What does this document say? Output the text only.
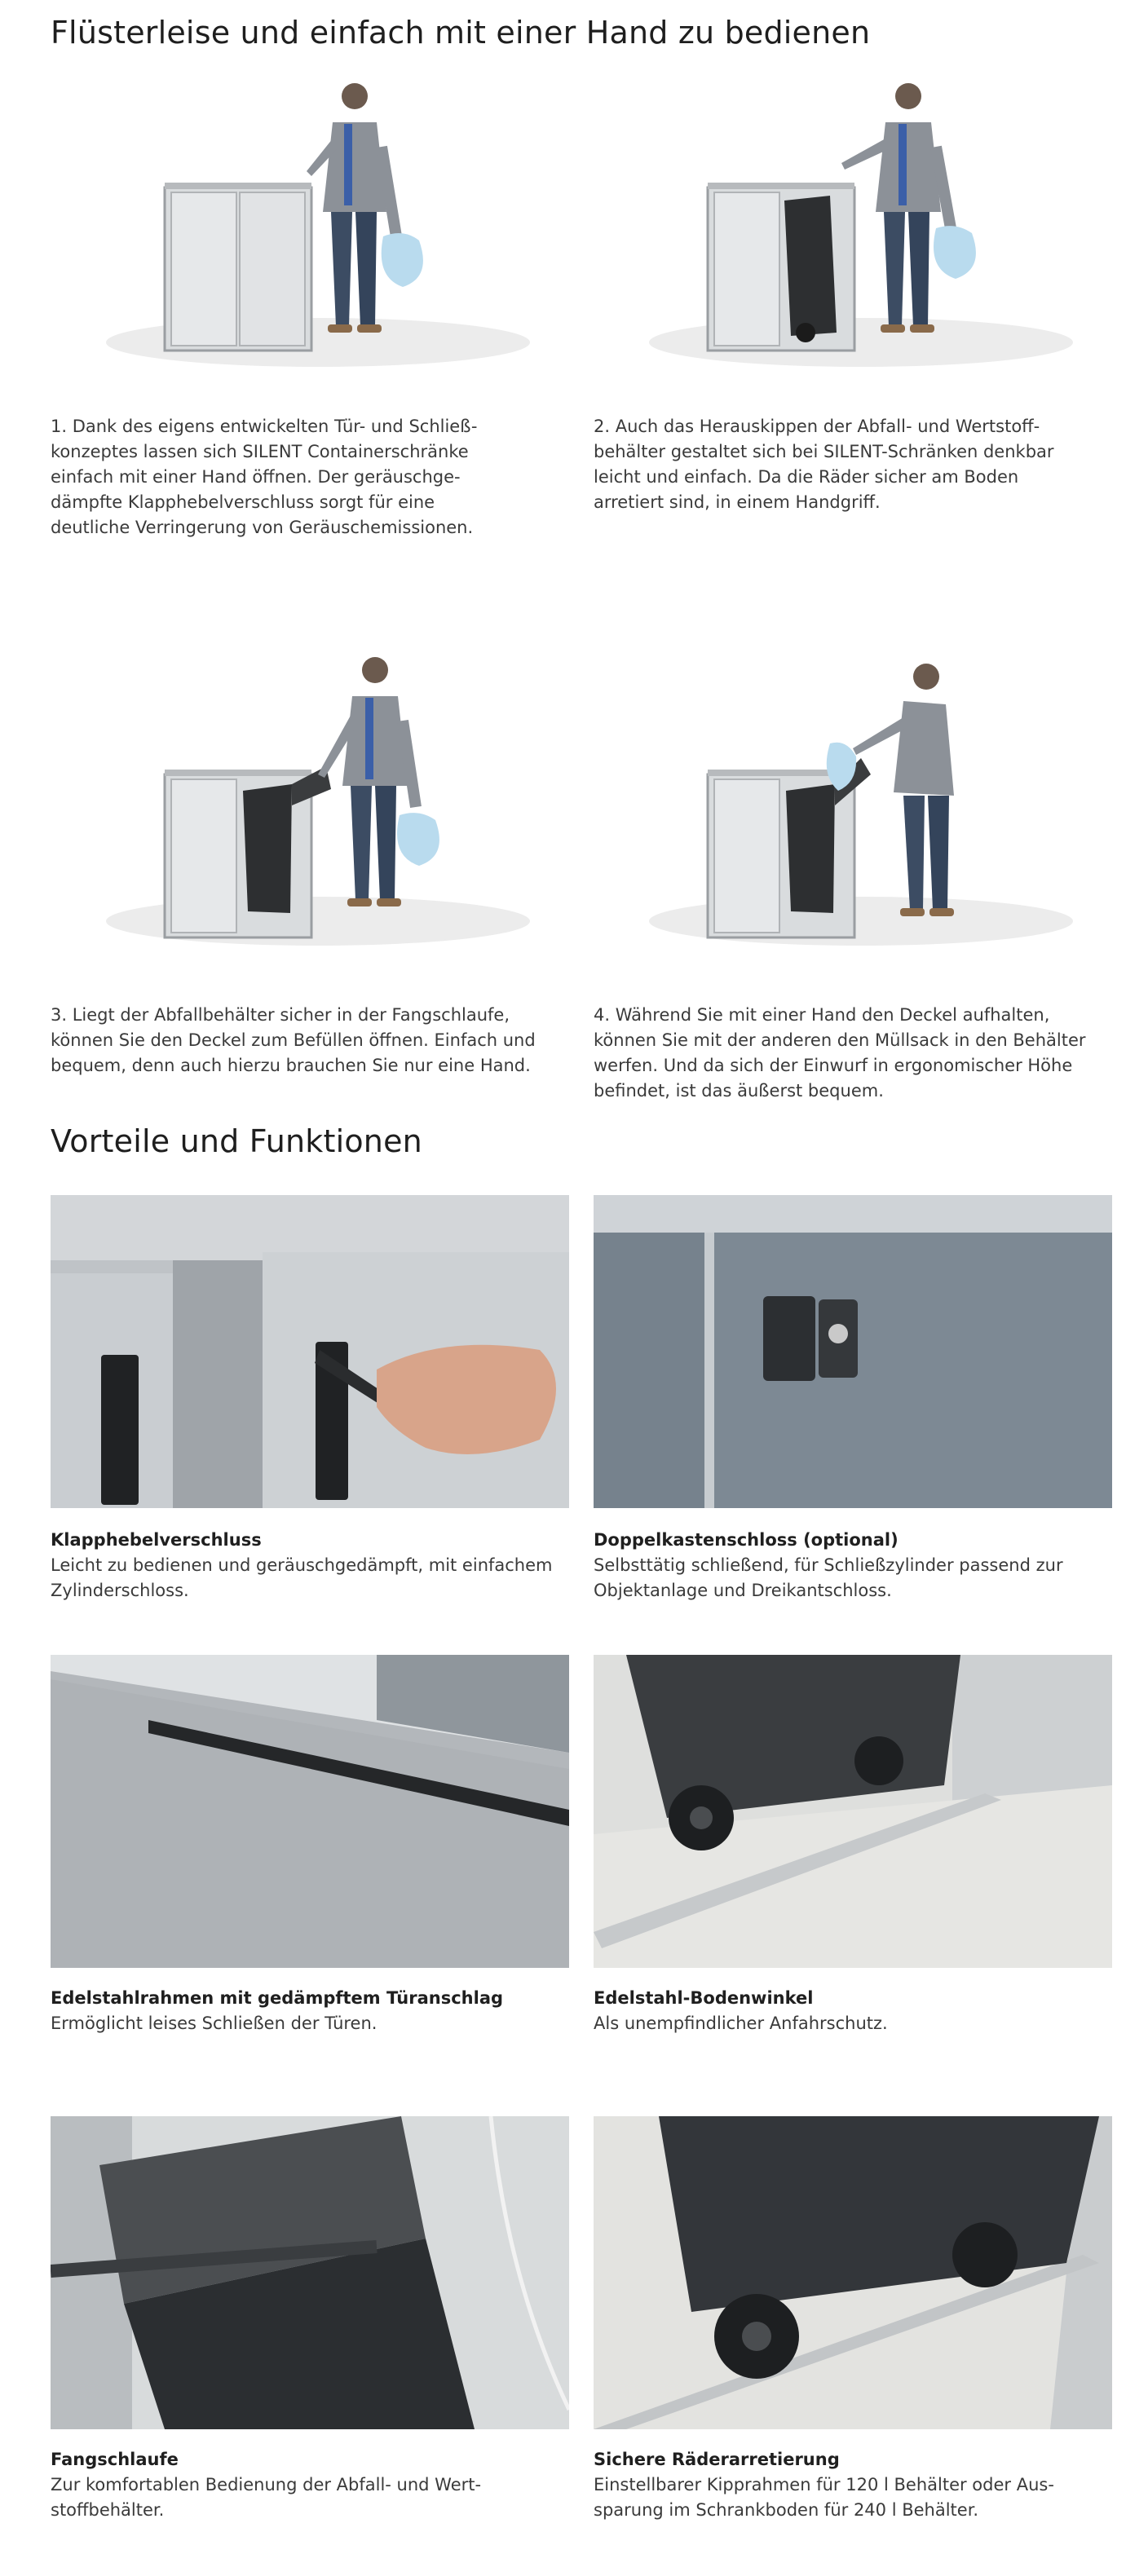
Flüsterleise und einfach mit einer Hand zu bedienen
1. Dank des eigens entwickelten Tür- und Schließ-
konzeptes lassen sich SILENT Containerschränke
einfach mit einer Hand öffnen. Der geräuschge-
dämpfte Klapphebelverschluss sorgt für eine
deutliche Verringerung von Geräuschemissionen.
2. Auch das Herauskippen der Abfall- und Wertstoff-
behälter gestaltet sich bei SILENT-Schränken denkbar
leicht und einfach. Da die Räder sicher am Boden
arretiert sind, in einem Handgriff.
3. Liegt der Abfallbehälter sicher in der Fangschlaufe,
können Sie den Deckel zum Befüllen öffnen. Einfach und
bequem, denn auch hierzu brauchen Sie nur eine Hand.
4. Während Sie mit einer Hand den Deckel aufhalten,
können Sie mit der anderen den Müllsack in den Behälter
werfen. Und da sich der Einwurf in ergonomischer Höhe
befindet, ist das äußerst bequem.
Vorteile und Funktionen
Klapphebelverschluss
Leicht zu bedienen und geräuschgedämpft, mit einfachem
Zylinderschloss.
Doppelkastenschloss (optional)
Selbsttätig schließend, für Schließzylinder passend zur
Objektanlage und Dreikantschloss.
Edelstahlrahmen mit gedämpftem Türanschlag
Ermöglicht leises Schließen der Türen.
Edelstahl-Bodenwinkel
Als unempfindlicher Anfahrschutz.
Fangschlaufe
Zur komfortablen Bedienung der Abfall- und Wert-
stoffbehälter.
Sichere Räderarretierung
Einstellbarer Kipprahmen für 120 l Behälter oder Aus-
sparung im Schrankboden für 240 l Behälter.
